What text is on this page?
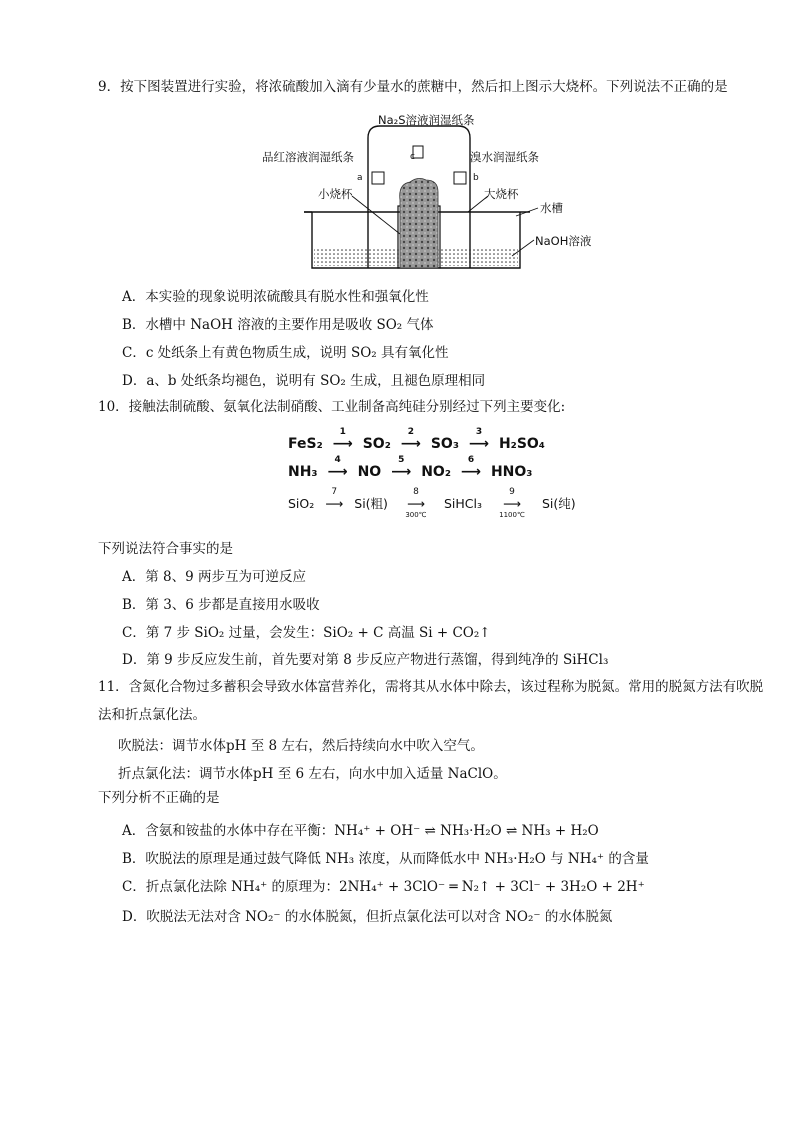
9．按下图装置进行实验，将浓硫酸加入滴有少量水的蔗糖中，然后扣上图示大烧杯。下列说法不正确的是
Na₂S溶液润湿纸条
c
品红溶液润湿纸条
a
溴水润湿纸条
b
小烧杯	大烧杯
水槽
NaOH溶液
A．本实验的现象说明浓硫酸具有脱水性和强氧化性
B．水槽中 NaOH 溶液的主要作用是吸收 SO₂ 气体
C．c 处纸条上有黄色物质生成，说明 SO₂ 具有氧化性
D．a、b 处纸条均褪色，说明有 SO₂ 生成，且褪色原理相同
10．接触法制硫酸、氨氧化法制硝酸、工业制备高纯硅分别经过下列主要变化:
FeS₂
1
⟶ SO₂
2
⟶ SO₃
3
⟶ H₂SO₄
NH₃
4
⟶ NO
5
⟶ NO₂
6
⟶ HNO₃
SiO₂
7
⟶ Si(粗)
8
⟶
300℃
SiHCl₃
9
⟶
1100℃
Si(纯)
下列说法符合事实的是
A．第 8、9 两步互为可逆反应
B．第 3、6 步都是直接用水吸收
C．第 7 步 SiO₂ 过量，会发生：SiO₂ + C 高温 Si + CO₂↑
D．第 9 步反应发生前，首先要对第 8 步反应产物进行蒸馏，得到纯净的 SiHCl₃
11．含氮化合物过多蓄积会导致水体富营养化，需将其从水体中除去，该过程称为脱氮。常用的脱氮方法有吹脱
法和折点氯化法。
吹脱法：调节水体pH 至 8 左右，然后持续向水中吹入空气。
折点氯化法：调节水体pH 至 6 左右，向水中加入适量 NaClO。
下列分析不正确的是
A．含氨和铵盐的水体中存在平衡：NH₄⁺ + OH⁻ ⇌ NH₃·H₂O ⇌ NH₃ + H₂O
B．吹脱法的原理是通过鼓气降低 NH₃ 浓度，从而降低水中 NH₃·H₂O 与 NH₄⁺ 的含量
C．折点氯化法除 NH₄⁺ 的原理为：2NH₄⁺ + 3ClO⁻ ═ N₂↑ + 3Cl⁻ + 3H₂O + 2H⁺
D．吹脱法无法对含 NO₂⁻ 的水体脱氮，但折点氯化法可以对含 NO₂⁻ 的水体脱氮
